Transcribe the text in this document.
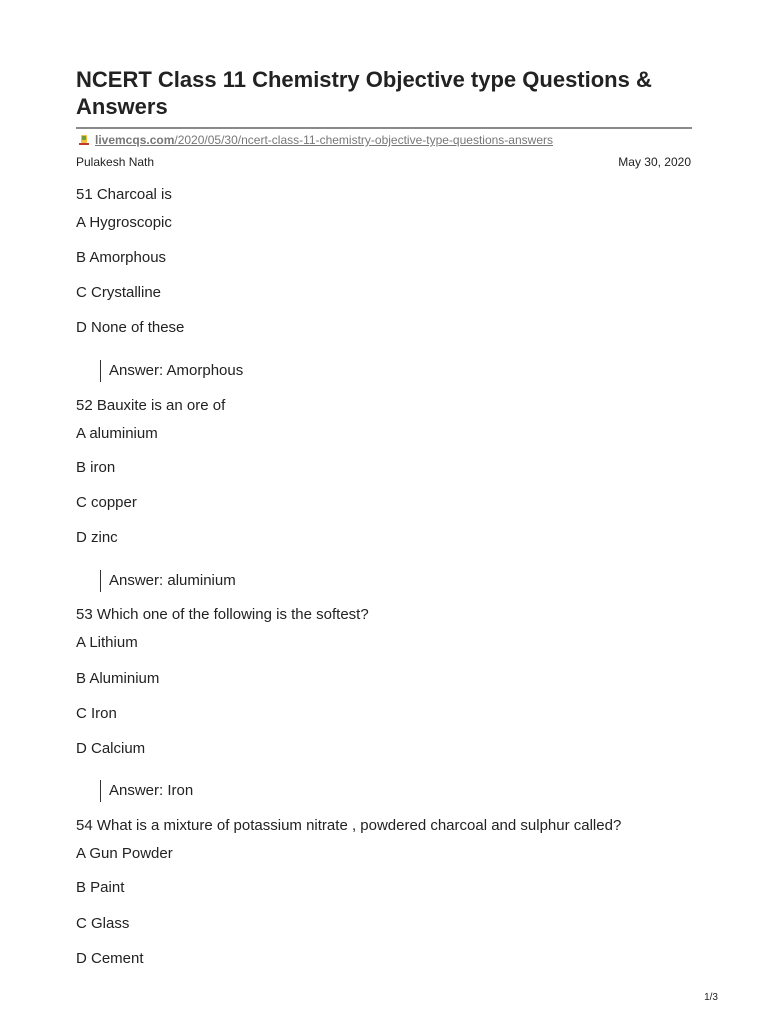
NCERT Class 11 Chemistry Objective type Questions & Answers
livemcqs.com/2020/05/30/ncert-class-11-chemistry-objective-type-questions-answers
Pulakesh Nath	May 30, 2020
51 Charcoal is
A Hygroscopic
B Amorphous
C Crystalline
D None of these
Answer: Amorphous
52 Bauxite is an ore of
A aluminium
B iron
C copper
D zinc
Answer: aluminium
53 Which one of the following is the softest?
A Lithium
B Aluminium
C Iron
D Calcium
Answer: Iron
54 What is a mixture of potassium nitrate , powdered charcoal and sulphur called?
A Gun Powder
B Paint
C Glass
D Cement
1/3
